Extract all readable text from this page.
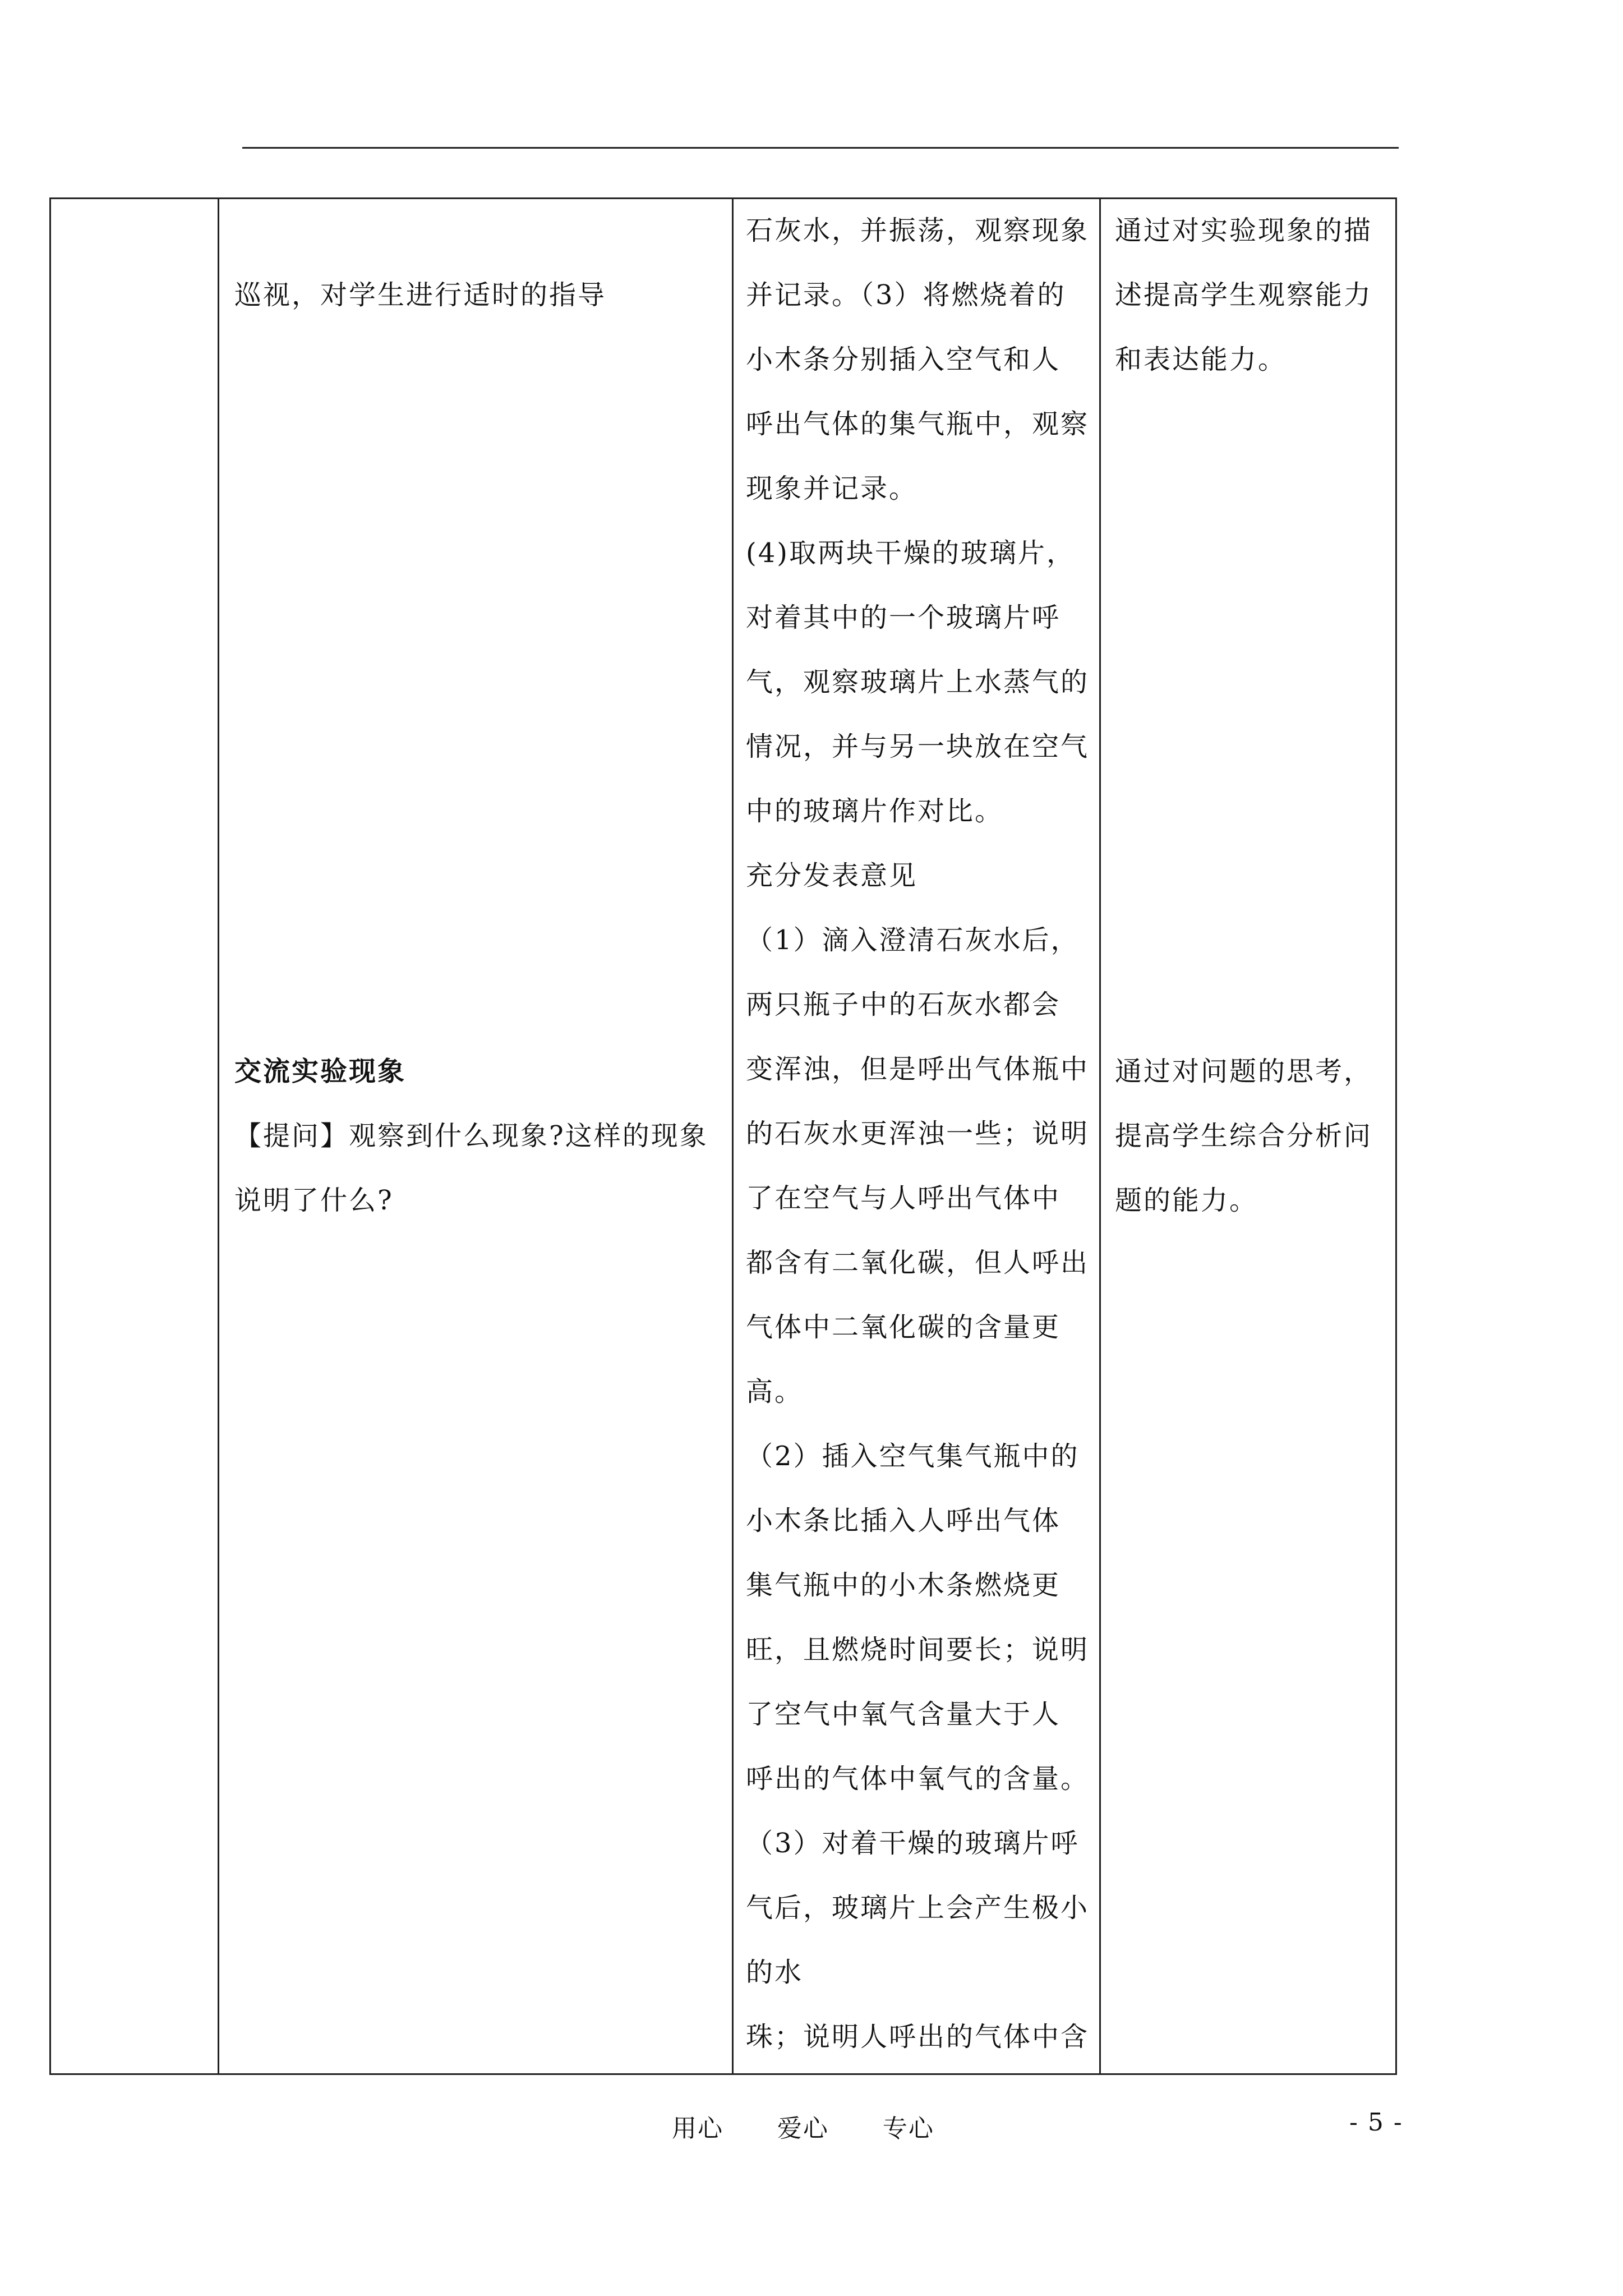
巡视，对学生进行适时的指导
交流实验现象
【提问】观察到什么现象?这样的现象
说明了什么?
石灰水，并振荡，观察现象
并记录。（3）将燃烧着的
小木条分别插入空气和人
呼出气体的集气瓶中，观察
现象并记录。
(4)取两块干燥的玻璃片，
对着其中的一个玻璃片呼
气，观察玻璃片上水蒸气的
情况，并与另一块放在空气
中的玻璃片作对比。
充分发表意见
（1）滴入澄清石灰水后，
两只瓶子中的石灰水都会
变浑浊，但是呼出气体瓶中
的石灰水更浑浊一些；说明
了在空气与人呼出气体中
都含有二氧化碳，但人呼出
气体中二氧化碳的含量更
高。
（2）插入空气集气瓶中的
小木条比插入人呼出气体
集气瓶中的小木条燃烧更
旺，且燃烧时间要长；说明
了空气中氧气含量大于人
呼出的气体中氧气的含量。
（3）对着干燥的玻璃片呼
气后，玻璃片上会产生极小
的水
珠；说明人呼出的气体中含
通过对实验现象的描
述提高学生观察能力
和表达能力。
通过对问题的思考，
提高学生综合分析问
题的能力。
用心      爱心      专心	- 5 -
